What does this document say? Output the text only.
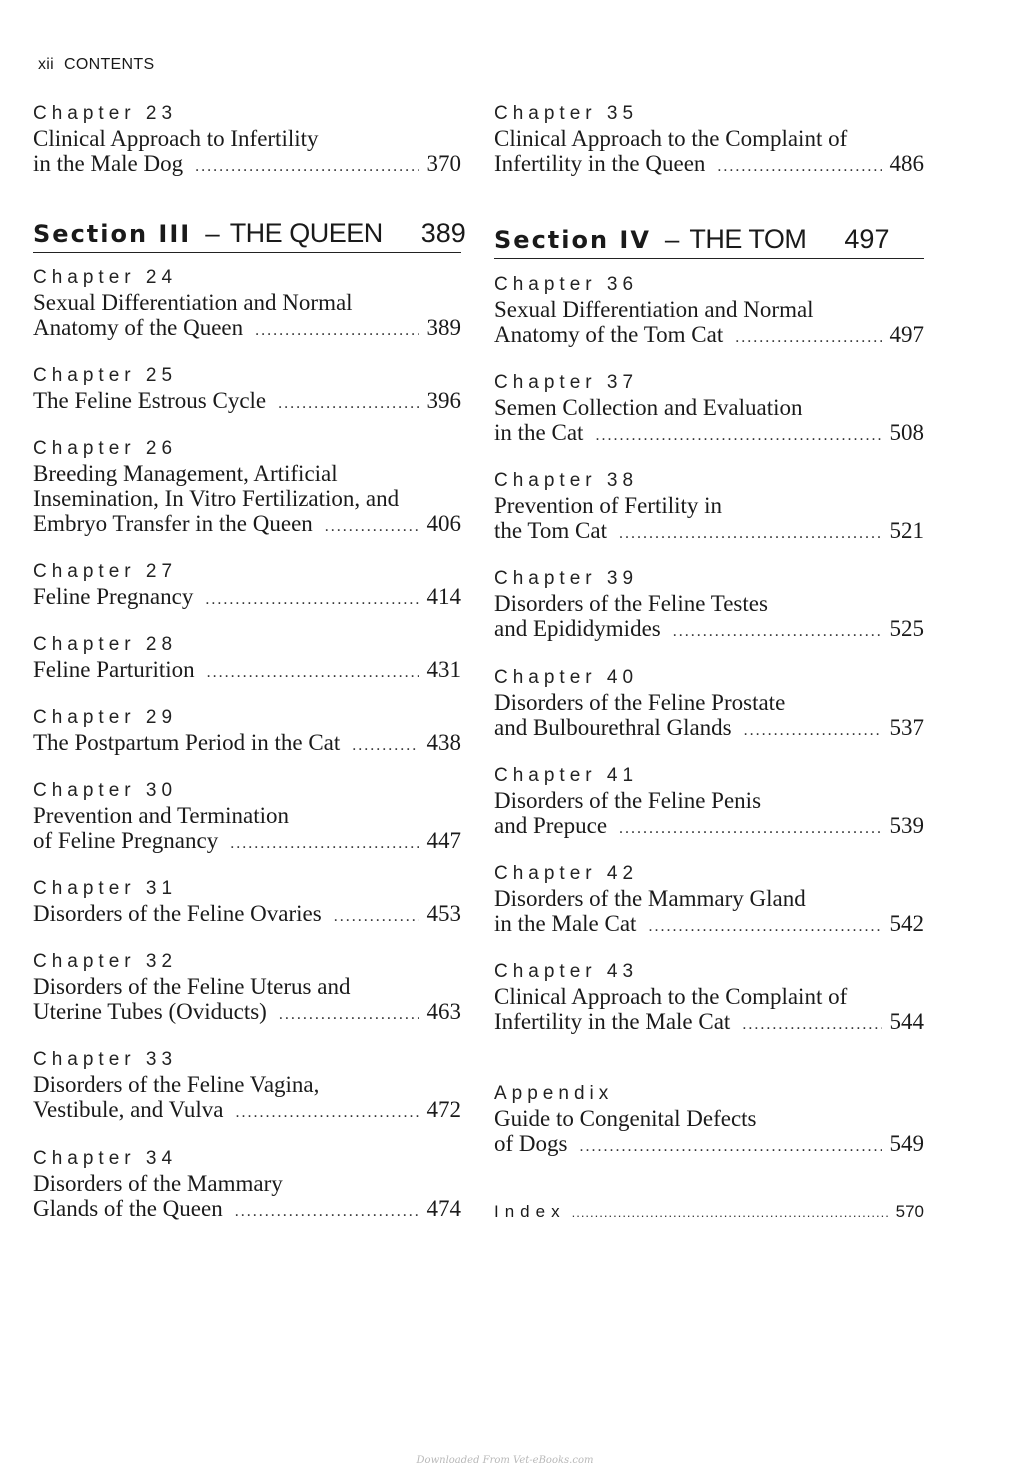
xii CONTENTS
Chapter 23
Clinical Approach to Infertility
in the Male Dog .....	370
Section III – THE QUEEN 389
Chapter 24
Sexual Differentiation and Normal
Anatomy of the Queen .....	389
Chapter 25
The Feline Estrous Cycle .....	396
Chapter 26
Breeding Management, Artificial
Insemination, In Vitro Fertilization, and
Embryo Transfer in the Queen .....	406
Chapter 27
Feline Pregnancy .....	414
Chapter 28
Feline Parturition .....	431
Chapter 29
The Postpartum Period in the Cat .....	438
Chapter 30
Prevention and Termination
of Feline Pregnancy .....	447
Chapter 31
Disorders of the Feline Ovaries .....	453
Chapter 32
Disorders of the Feline Uterus and
Uterine Tubes (Oviducts) .....	463
Chapter 33
Disorders of the Feline Vagina,
Vestibule, and Vulva .....	472
Chapter 34
Disorders of the Mammary
Glands of the Queen .....	474
Chapter 35
Clinical Approach to the Complaint of
Infertility in the Queen .....	486
Section IV – THE TOM 497
Chapter 36
Sexual Differentiation and Normal
Anatomy of the Tom Cat .....	497
Chapter 37
Semen Collection and Evaluation
in the Cat .....	508
Chapter 38
Prevention of Fertility in
the Tom Cat .....	521
Chapter 39
Disorders of the Feline Testes
and Epididymides .....	525
Chapter 40
Disorders of the Feline Prostate
and Bulbourethral Glands .....	537
Chapter 41
Disorders of the Feline Penis
and Prepuce .....	539
Chapter 42
Disorders of the Mammary Gland
in the Male Cat .....	542
Chapter 43
Clinical Approach to the Complaint of
Infertility in the Male Cat .....	544
Appendix
Guide to Congenital Defects
of Dogs .....	549
Index .....	570
Downloaded From Vet-eBooks.com
